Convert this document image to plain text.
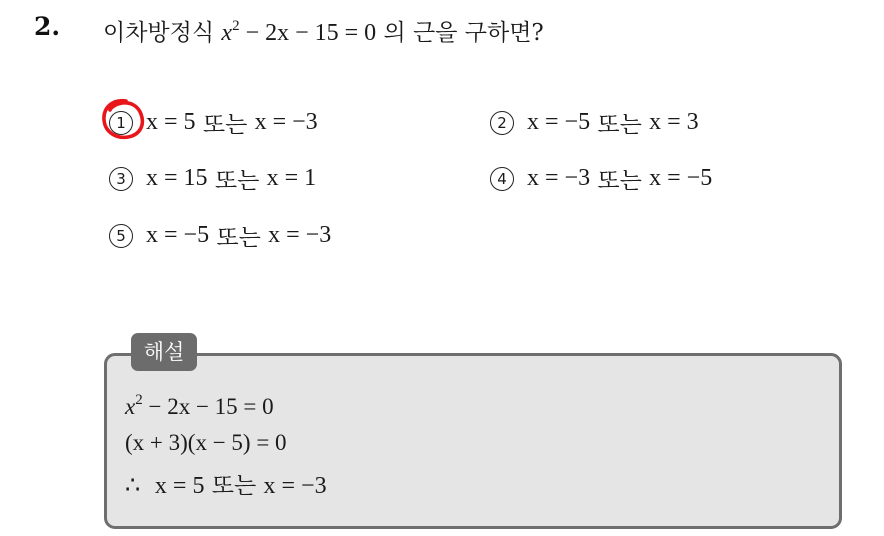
2. 이차방정식 $x^2 - 2x - 15 = 0$ 의 근을 구하면?
1 x = 5 또는 x = −3	2 x = −5 또는 x = 3
3 x = 15 또는 x = 1	4 x = −3 또는 x = −5
5 x = −5 또는 x = −3
해설
$x^2 - 2x - 15 = 0$
(x + 3)(x − 5) = 0
∴ x = 5 또는 x = −3
